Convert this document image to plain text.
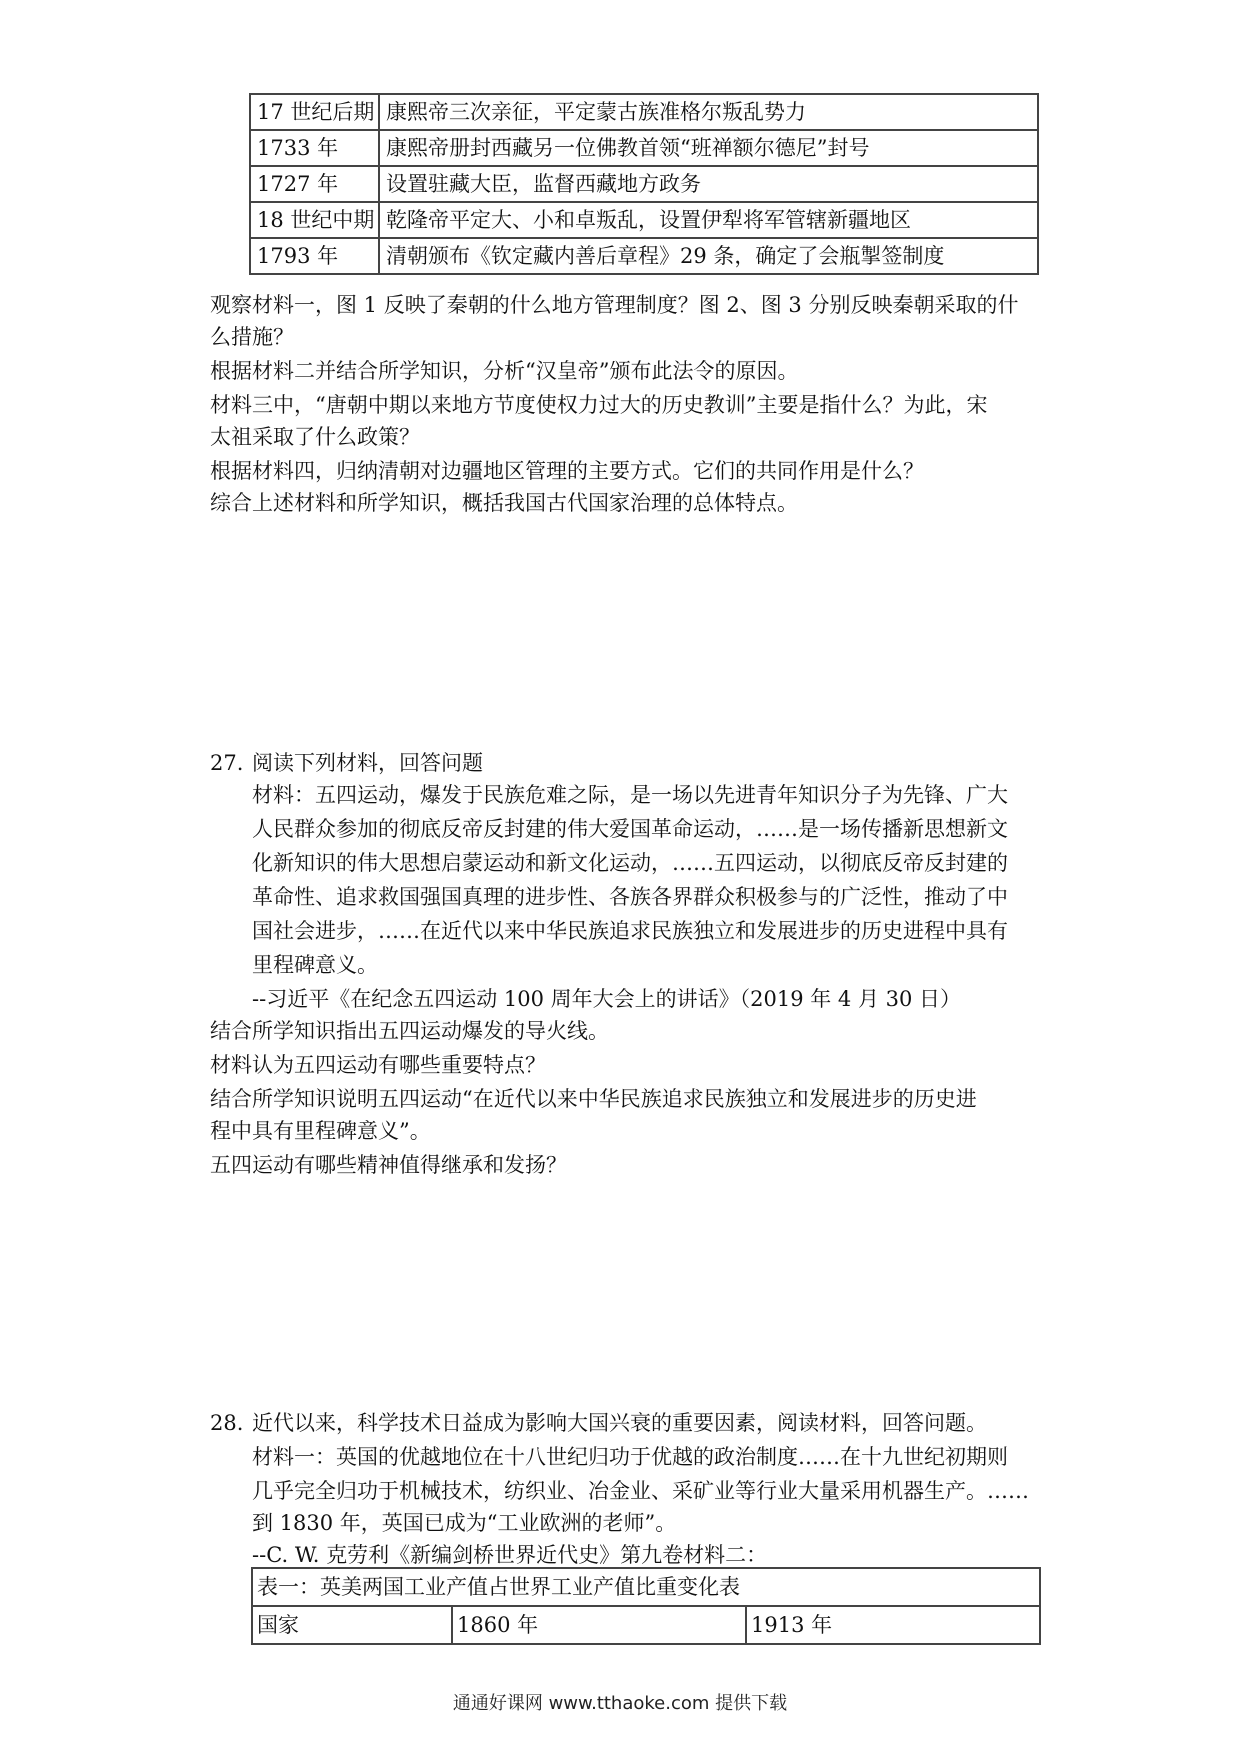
17 世纪后期	康熙帝三次亲征，平定蒙古族准格尔叛乱势力
1733 年	康熙帝册封西藏另一位佛教首领“班禅额尔德尼”封号
1727 年	设置驻藏大臣，监督西藏地方政务
18 世纪中期	乾隆帝平定大、小和卓叛乱，设置伊犁将军管辖新疆地区
1793 年	清朝颁布《钦定藏内善后章程》29 条，确定了会瓶掣签制度
观察材料一，图 1 反映了秦朝的什么地方管理制度？图 2、图 3 分别反映秦朝采取的什
么措施？
根据材料二并结合所学知识，分析“汉皇帝”颁布此法令的原因。
材料三中，“唐朝中期以来地方节度使权力过大的历史教训”主要是指什么？为此，宋
太祖采取了什么政策？
根据材料四，归纳清朝对边疆地区管理的主要方式。它们的共同作用是什么？
综合上述材料和所学知识，概括我国古代国家治理的总体特点。
27. 阅读下列材料，回答问题
材料：五四运动，爆发于民族危难之际，是一场以先进青年知识分子为先锋、广大
人民群众参加的彻底反帝反封建的伟大爱国革命运动，……是一场传播新思想新文
化新知识的伟大思想启蒙运动和新文化运动，……五四运动，以彻底反帝反封建的
革命性、追求救国强国真理的进步性、各族各界群众积极参与的广泛性，推动了中
国社会进步，……在近代以来中华民族追求民族独立和发展进步的历史进程中具有
里程碑意义。
--习近平《在纪念五四运动 100 周年大会上的讲话》（2019 年 4 月 30 日）
结合所学知识指出五四运动爆发的导火线。
材料认为五四运动有哪些重要特点？
结合所学知识说明五四运动“在近代以来中华民族追求民族独立和发展进步的历史进
程中具有里程碑意义”。
五四运动有哪些精神值得继承和发扬？
28. 近代以来，科学技术日益成为影响大国兴衰的重要因素，阅读材料，回答问题。
材料一：英国的优越地位在十八世纪归功于优越的政治制度……在十九世纪初期则
几乎完全归功于机械技术，纺织业、冶金业、采矿业等行业大量采用机器生产。……
到 1830 年，英国已成为“工业欧洲的老师”。
--C. W. 克劳利《新编剑桥世界近代史》第九卷材料二：
表一：英美两国工业产值占世界工业产值比重变化表
国家	1860 年	1913 年
通通好课网 www.tthaoke.com 提供下载
